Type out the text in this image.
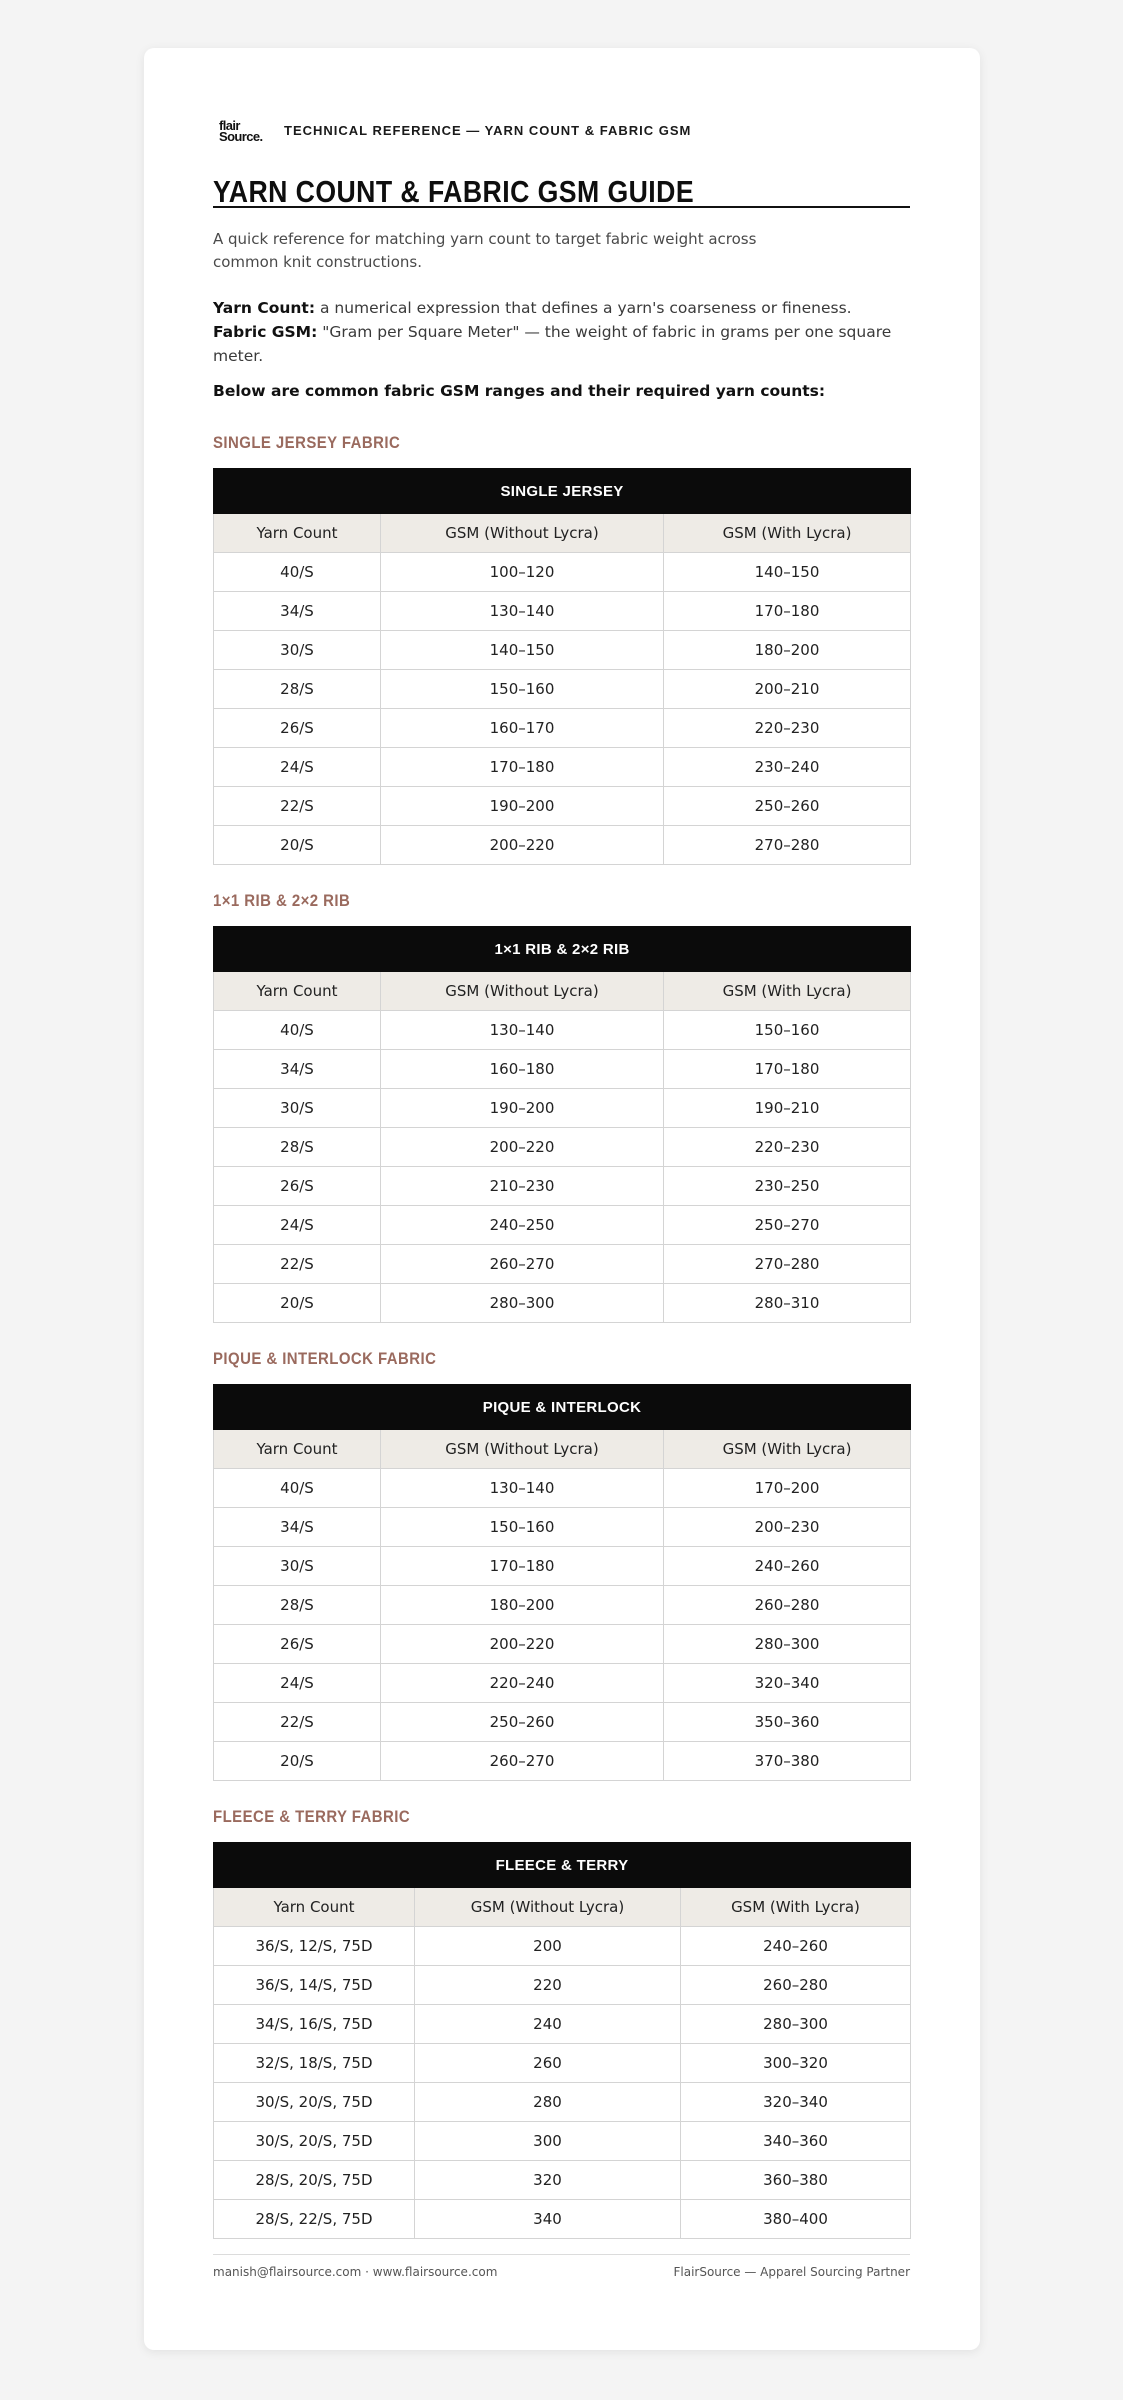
flair
Source.	TECHNICAL REFERENCE — YARN COUNT & FABRIC GSM
YARN COUNT & FABRIC GSM GUIDE
A quick reference for matching yarn count to target fabric weight across common knit constructions.
Yarn Count: a numerical expression that defines a yarn's coarseness or fineness.
Fabric GSM: "Gram per Square Meter" — the weight of fabric in grams per one square meter.
Below are common fabric GSM ranges and their required yarn counts:
SINGLE JERSEY FABRIC
SINGLE JERSEY		
Yarn Count	GSM (Without Lycra)	GSM (With Lycra)
40/S	100–120	140–150
34/S	130–140	170–180
30/S	140–150	180–200
28/S	150–160	200–210
26/S	160–170	220–230
24/S	170–180	230–240
22/S	190–200	250–260
20/S	200–220	270–280
1×1 RIB & 2×2 RIB
1×1 RIB & 2×2 RIB		
Yarn Count	GSM (Without Lycra)	GSM (With Lycra)
40/S	130–140	150–160
34/S	160–180	170–180
30/S	190–200	190–210
28/S	200–220	220–230
26/S	210–230	230–250
24/S	240–250	250–270
22/S	260–270	270–280
20/S	280–300	280–310
PIQUE & INTERLOCK FABRIC
PIQUE & INTERLOCK		
Yarn Count	GSM (Without Lycra)	GSM (With Lycra)
40/S	130–140	170–200
34/S	150–160	200–230
30/S	170–180	240–260
28/S	180–200	260–280
26/S	200–220	280–300
24/S	220–240	320–340
22/S	250–260	350–360
20/S	260–270	370–380
FLEECE & TERRY FABRIC
FLEECE & TERRY		
Yarn Count	GSM (Without Lycra)	GSM (With Lycra)
36/S, 12/S, 75D	200	240–260
36/S, 14/S, 75D	220	260–280
34/S, 16/S, 75D	240	280–300
32/S, 18/S, 75D	260	300–320
30/S, 20/S, 75D	280	320–340
30/S, 20/S, 75D	300	340–360
28/S, 20/S, 75D	320	360–380
28/S, 22/S, 75D	340	380–400
manish@flairsource.com · www.flairsource.com	FlairSource — Apparel Sourcing Partner
